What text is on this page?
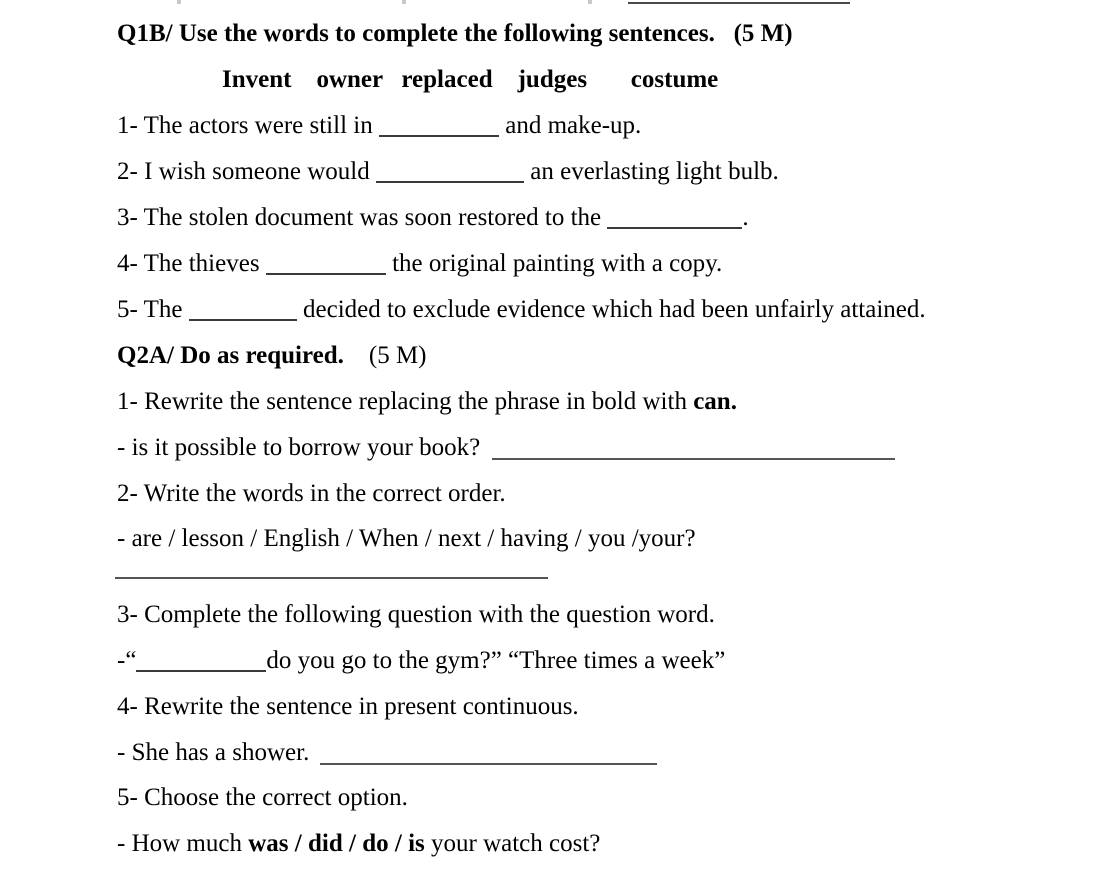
Q1B/ Use the words to complete the following sentences. (5 M)
Invent    owner   replaced    judges       costume
1- The actors were still in	and make-up.
2- I wish someone would	an everlasting light bulb.
3- The stolen document was soon restored to the	.
4- The thieves	the original painting with a copy.
5- The	decided to exclude evidence which had been unfairly attained.
Q2A/ Do as required. (5 M)
1- Rewrite the sentence replacing the phrase in bold with can.
- is it possible to borrow your book?
2- Write the words in the correct order.
- are / lesson / English / When / next / having / you /your?
3- Complete the following question with the question word.
-“	do you go to the gym?” “Three times a week”
4- Rewrite the sentence in present continuous.
- She has a shower.
5- Choose the correct option.
- How much was / did / do / is your watch cost?
